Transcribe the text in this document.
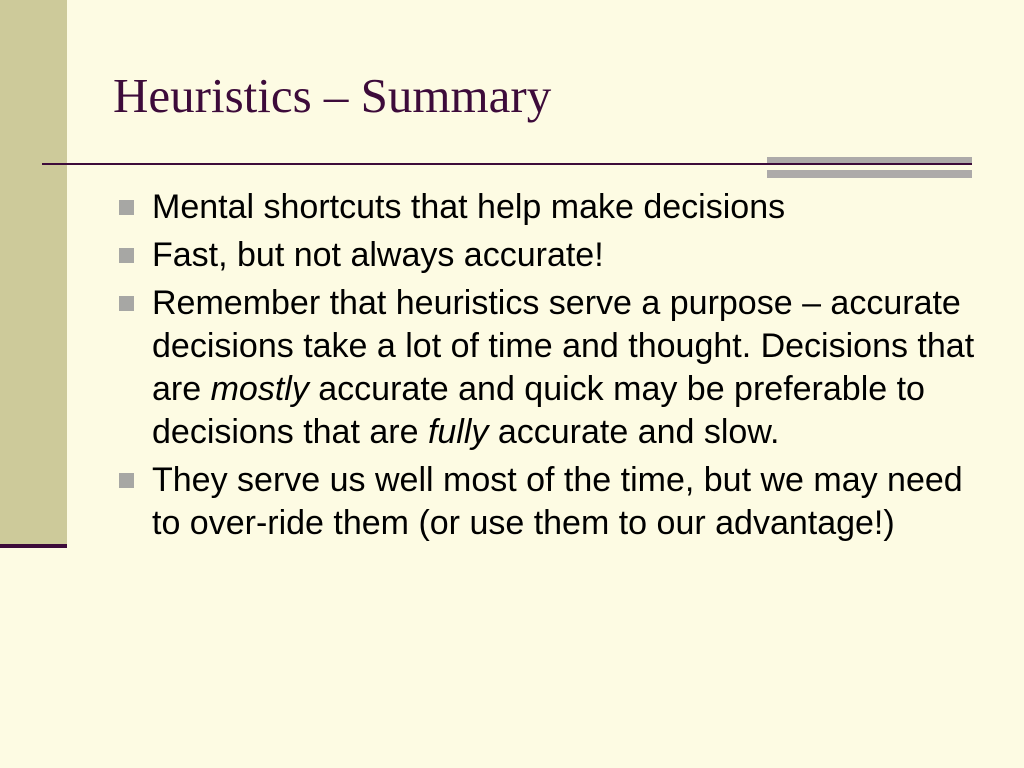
Heuristics – Summary
Mental shortcuts that help make decisions
Fast, but not always accurate!
Remember that heuristics serve a purpose – accurate decisions take a lot of time and thought. Decisions that are mostly accurate and quick may be preferable to decisions that are fully accurate and slow.
They serve us well most of the time, but we may need to over-ride them (or use them to our advantage!)
